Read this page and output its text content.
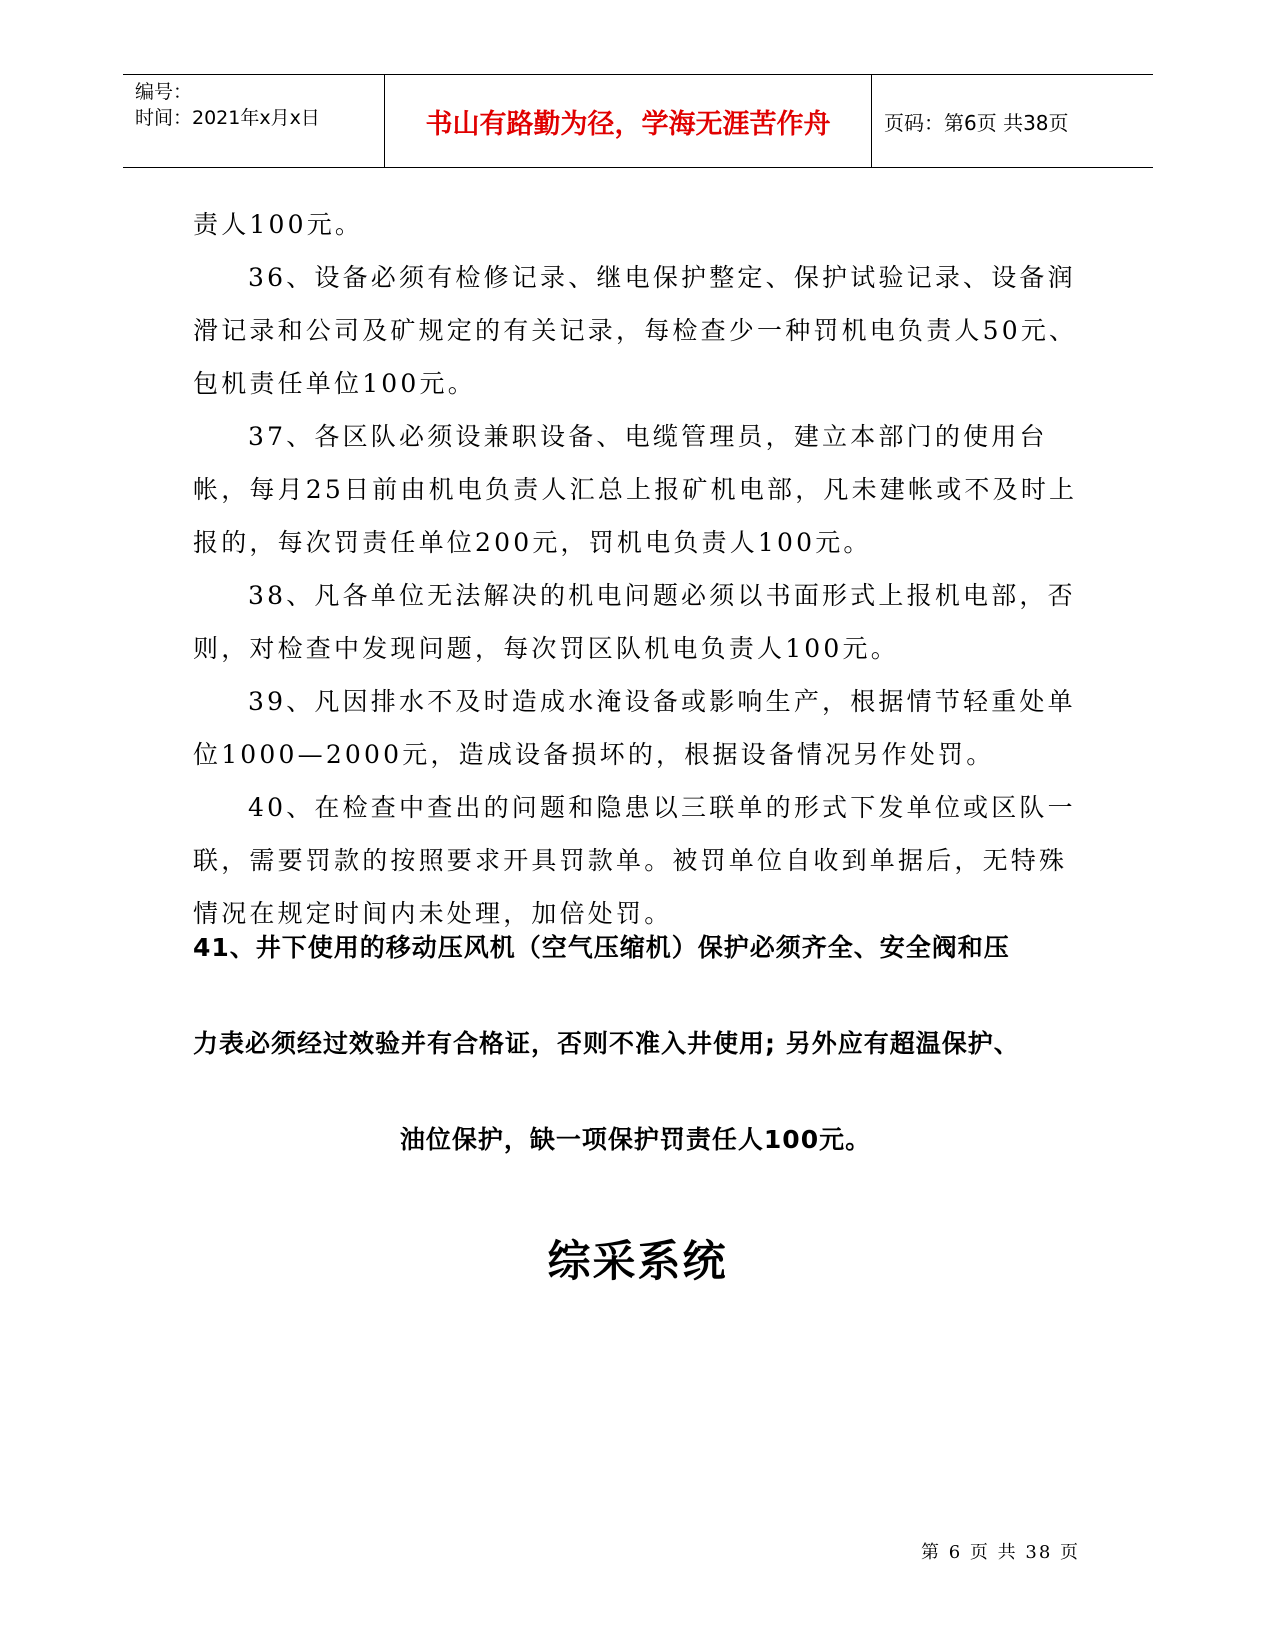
编号：
时间：2021年x月x日	书山有路勤为径，学海无涯苦作舟	页码：第6页 共38页

责人100元。

36、设备必须有检修记录、继电保护整定、保护试验记录、设备润滑记录和公司及矿规定的有关记录，每检查少一种罚机电负责人50元、包机责任单位100元。

37、各区队必须设兼职设备、电缆管理员，建立本部门的使用台帐，每月25日前由机电负责人汇总上报矿机电部，凡未建帐或不及时上报的，每次罚责任单位200元，罚机电负责人100元。

38、凡各单位无法解决的机电问题必须以书面形式上报机电部，否则，对检查中发现问题，每次罚区队机电负责人100元。

39、凡因排水不及时造成水淹设备或影响生产，根据情节轻重处单位1000—2000元，造成设备损坏的，根据设备情况另作处罚。

40、在检查中查出的问题和隐患以三联单的形式下发单位或区队一联，需要罚款的按照要求开具罚款单。被罚单位自收到单据后，无特殊情况在规定时间内未处理，加倍处罚。

41、井下使用的移动压风机（空气压缩机）保护必须齐全、安全阀和压
力表必须经过效验并有合格证，否则不准入井使用; 另外应有超温保护、
油位保护，缺一项保护罚责任人100元。
综采系统
第 6 页 共 38 页
